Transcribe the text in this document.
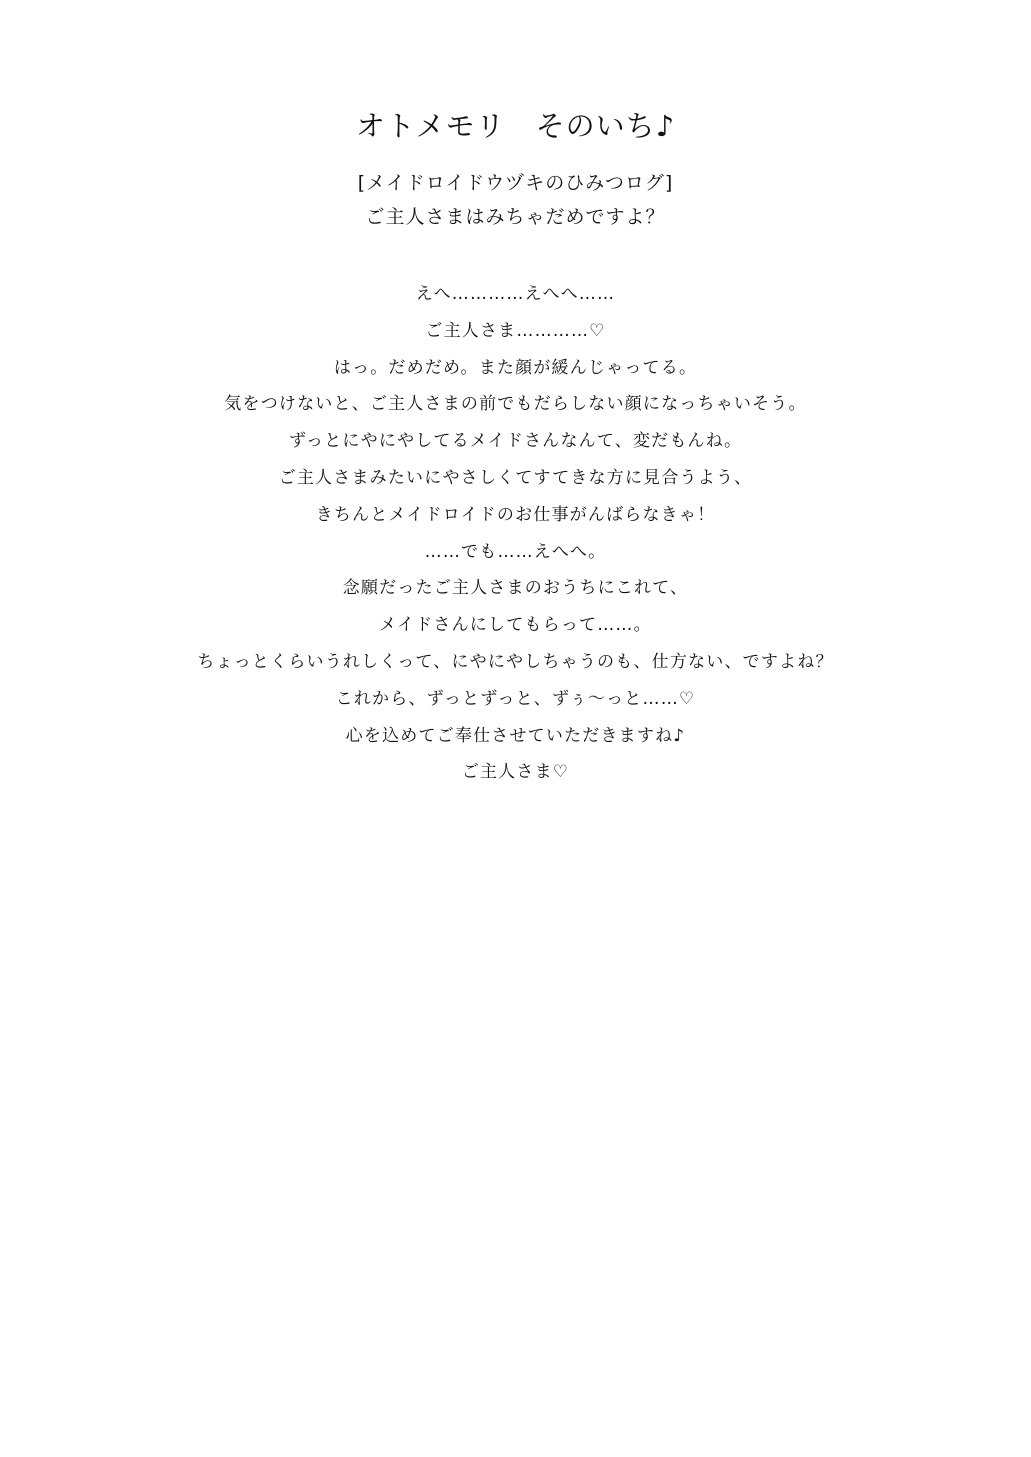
オトメモリ　そのいち♪
[メイドロイドウヅキのひみつログ]
ご主人さまはみちゃだめですよ？
えへ…………えへへ……
ご主人さま…………♡
はっ。だめだめ。また顔が緩んじゃってる。
気をつけないと、ご主人さまの前でもだらしない顔になっちゃいそう。
ずっとにやにやしてるメイドさんなんて、変だもんね。
ご主人さまみたいにやさしくてすてきな方に見合うよう、
きちんとメイドロイドのお仕事がんばらなきゃ！
……でも……えへへ。
念願だったご主人さまのおうちにこれて、
メイドさんにしてもらって……。
ちょっとくらいうれしくって、にやにやしちゃうのも、仕方ない、ですよね？
これから、ずっとずっと、ずぅ～っと……♡
心を込めてご奉仕させていただきますね♪
ご主人さま♡
